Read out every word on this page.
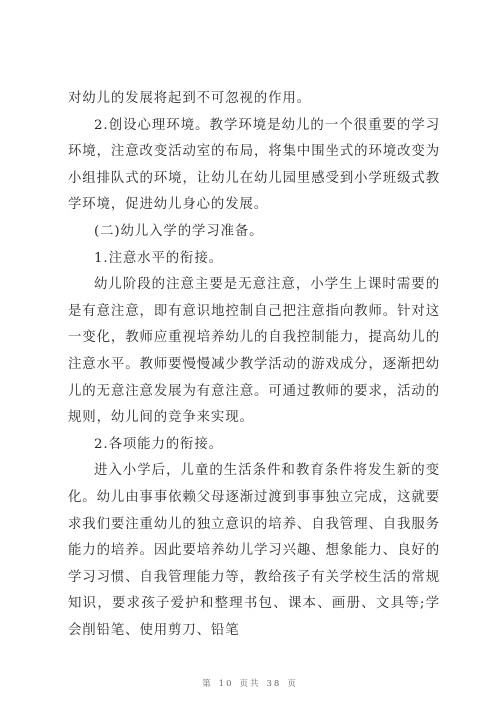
对幼儿的发展将起到不可忽视的作用。

2.创设心理环境。教学环境是幼儿的一个很重要的学习环境，注意改变活动室的布局，将集中围坐式的环境改变为小组排队式的环境，让幼儿在幼儿园里感受到小学班级式教学环境，促进幼儿身心的发展。

(二)幼儿入学的学习准备。

1.注意水平的衔接。

幼儿阶段的注意主要是无意注意，小学生上课时需要的是有意注意，即有意识地控制自己把注意指向教师。针对这一变化，教师应重视培养幼儿的自我控制能力，提高幼儿的注意水平。教师要慢慢减少教学活动的游戏成分，逐渐把幼儿的无意注意发展为有意注意。可通过教师的要求，活动的规则，幼儿间的竞争来实现。

2.各项能力的衔接。

进入小学后，儿童的生活条件和教育条件将发生新的变化。幼儿由事事依赖父母逐渐过渡到事事独立完成，这就要求我们要注重幼儿的独立意识的培养、自我管理、自我服务能力的培养。因此要培养幼儿学习兴趣、想象能力、良好的学习习惯、自我管理能力等，教给孩子有关学校生活的常规知识，要求孩子爱护和整理书包、课本、画册、文具等;学会削铅笔、使用剪刀、铅笔

第 10 页共 38 页
